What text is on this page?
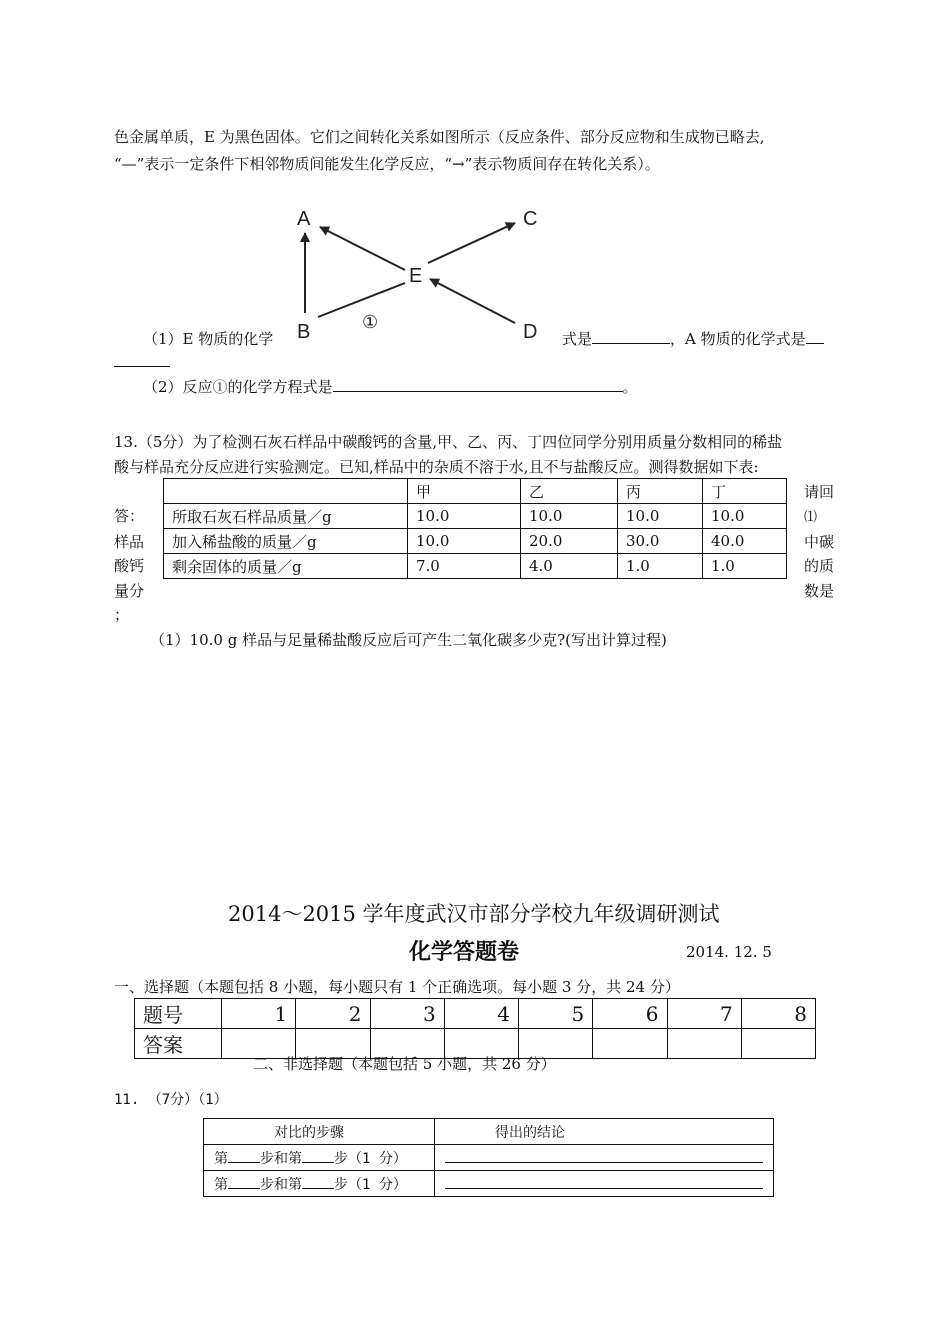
色金属单质，E 为黑色固体。它们之间转化关系如图所示（反应条件、部分反应物和生成物已略去,
“—”表示一定条件下相邻物质间能发生化学反应，“→”表示物质间存在转化关系）。
A
B
C
D
E
①
（1）E 物质的化学	式是	，A 物质的化学式是
（2）反应①的化学方程式是	。
13.（5分）为了检测石灰石样品中碳酸钙的含量,甲、乙、丙、丁四位同学分别用质量分数相同的稀盐
酸与样品充分反应进行实验测定。已知,样品中的杂质不溶于水,且不与盐酸反应。测得数据如下表:
答：
样品
酸钙
量分
；
请回
⑴
中碳
的质
数是
	甲	乙	丙	丁
所取石灰石样品质量／g	10.0	10.0	10.0	10.0
加入稀盐酸的质量／g	10.0	20.0	30.0	40.0
剩余固体的质量／g	7.0	4.0	1.0	1.0
（1）10.0 g 样品与足量稀盐酸反应后可产生二氧化碳多少克?(写出计算过程)
2014～2015 学年度武汉市部分学校九年级调研测试
化学答题卷	2014. 12. 5
一、选择题（本题包括 8 小题，每小题只有 1 个正确选项。每小题 3 分，共 24 分）
题号	1	2	3	4	5	6	7	8
答案								
二、非选择题（本题包括 5 小题，共 26 分）
11. （7分）（1）
对比的步骤	得出的结论
第 步和第 步（1 分）	
第 步和第 步（1 分）	
